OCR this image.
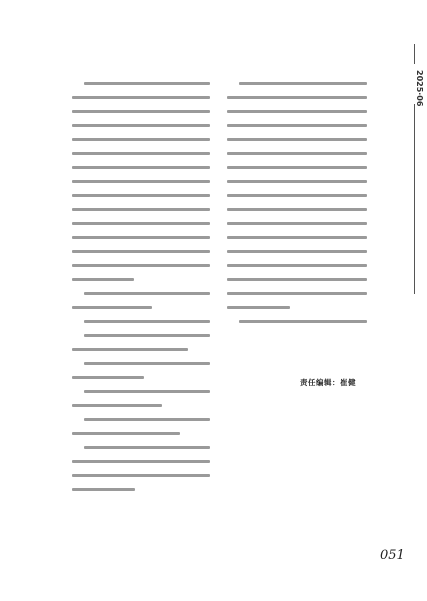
2025·06
责任编辑：崔健
051
